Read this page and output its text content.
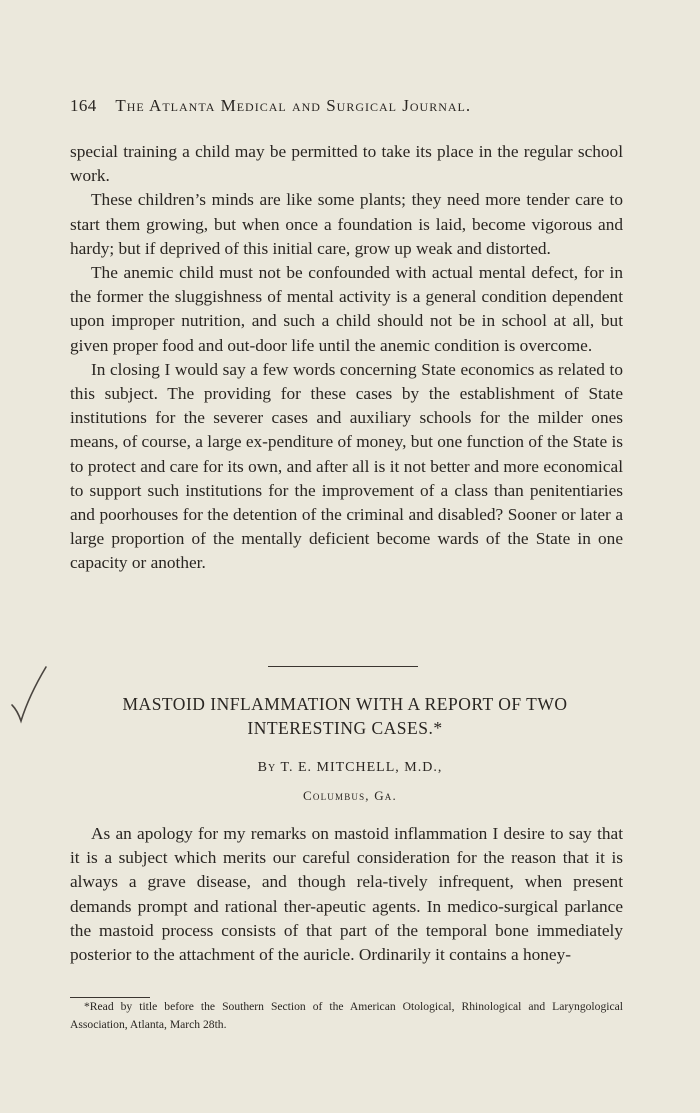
164 The Atlanta Medical and Surgical Journal.

special training a child may be permitted to take its place in the regular school work.

These children’s minds are like some plants; they need more tender care to start them growing, but when once a foundation is laid, become vigorous and hardy; but if deprived of this initial care, grow up weak and distorted.

The anemic child must not be confounded with actual mental defect, for in the former the sluggishness of mental activity is a general condition dependent upon improper nutrition, and such a child should not be in school at all, but given proper food and out-door life until the anemic condition is overcome.

In closing I would say a few words concerning State economics as related to this subject. The providing for these cases by the establishment of State institutions for the severer cases and auxiliary schools for the milder ones means, of course, a large ex-penditure of money, but one function of the State is to protect and care for its own, and after all is it not better and more economical to support such institutions for the improvement of a class than penitentiaries and poorhouses for the detention of the criminal and disabled? Sooner or later a large proportion of the mentally deficient become wards of the State in one capacity or another.

MASTOID INFLAMMATION WITH A REPORT OF TWO
INTERESTING CASES.*
By T. E. MITCHELL, M.D.,
Columbus, Ga.

As an apology for my remarks on mastoid inflammation I desire to say that it is a subject which merits our careful consideration for the reason that it is always a grave disease, and though rela-tively infrequent, when present demands prompt and rational ther-apeutic agents. In medico-surgical parlance the mastoid process consists of that part of the temporal bone immediately posterior to the attachment of the auricle. Ordinarily it contains a honey-

*Read by title before the Southern Section of the American Otological, Rhinological and Laryngological Association, Atlanta, March 28th.
